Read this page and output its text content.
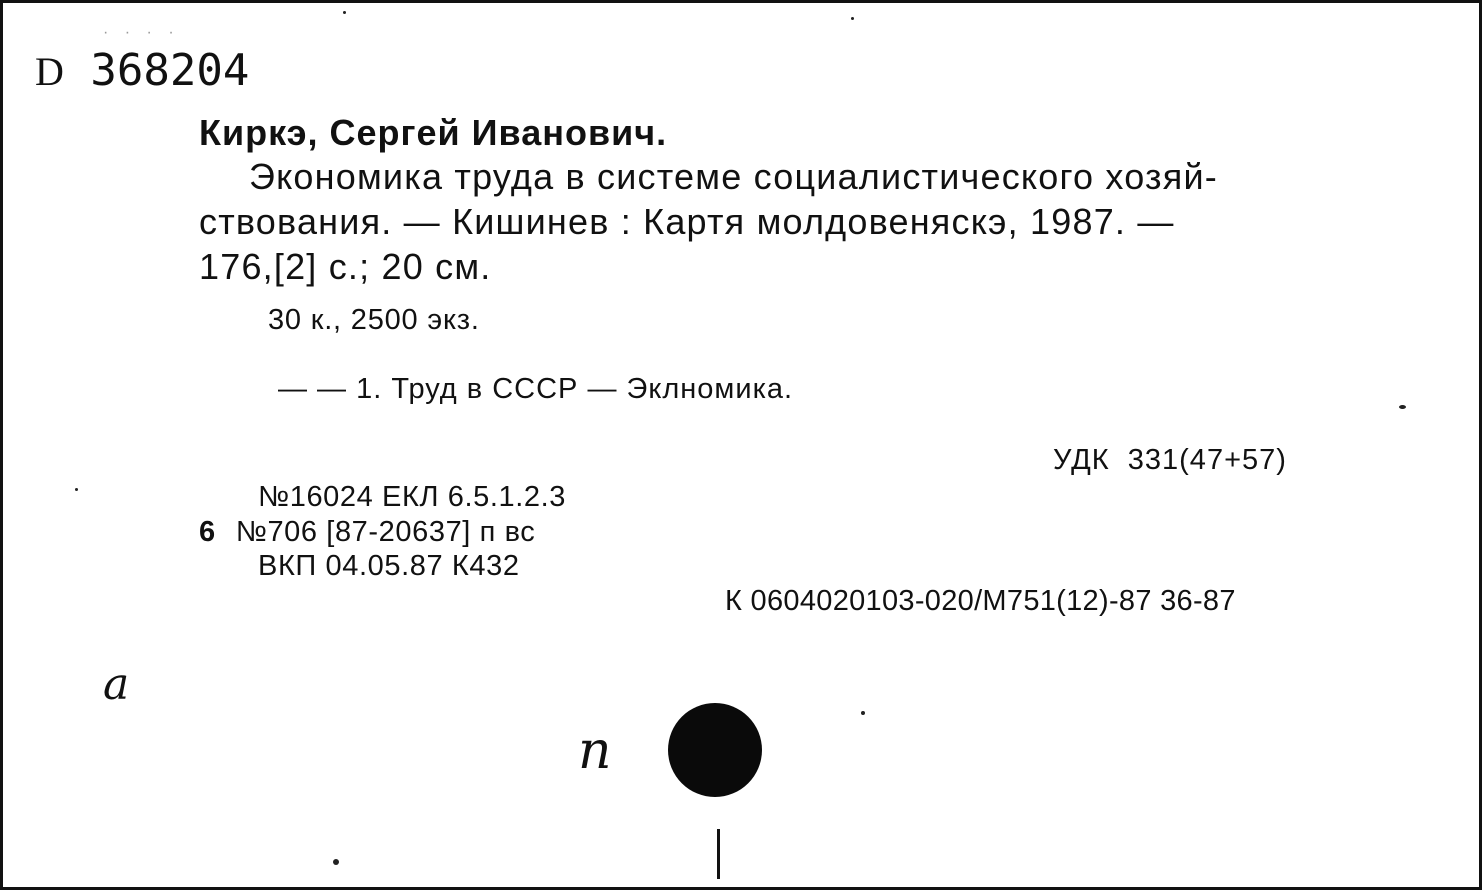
· · · ·
D 368204
Киркэ, Сергей Иванович.
Экономика труда в системе социалистического хозяй-
ствования. — Кишинев : Картя молдовеняскэ, 1987. —
176,[2] с.; 20 см.
30 к., 2500 экз.
— — 1. Труд в СССР — Эклномика.
УДК  331(47+57)
№16024 ЕКЛ 6.5.1.2.3
6 №706 [87-20637] п вс
ВКП 04.05.87 К432
К 0604020103-020/М751(12)-87 36-87
a
n
